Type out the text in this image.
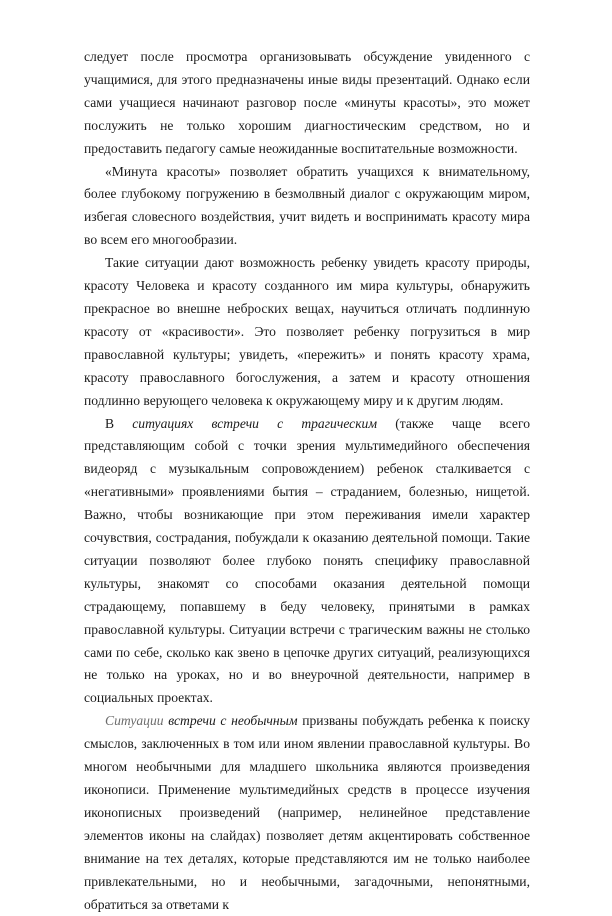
следует после просмотра организовывать обсуждение увиденного с учащимися, для этого предназначены иные виды презентаций. Однако если сами учащиеся начинают разговор после «минуты красоты», это может послужить не только хорошим диагностическим средством, но и предоставить педагогу самые неожиданные воспитательные возможности.

«Минута красоты» позволяет обратить учащихся к внимательному, более глубокому погружению в безмолвный диалог с окружающим миром, избегая словесного воздействия, учит видеть и воспринимать красоту мира во всем его многообразии.

Такие ситуации дают возможность ребенку увидеть красоту природы, красоту Человека и красоту созданного им мира культуры, обнаружить прекрасное во внешне неброских вещах, научиться отличать подлинную красоту от «красивости». Это позволяет ребенку погрузиться в мир православной культуры; увидеть, «пережить» и понять красоту храма, красоту православного богослужения, а затем и красоту отношения подлинно верующего человека к окружающему миру и к другим людям.

В ситуациях встречи с трагическим (также чаще всего представляющим собой с точки зрения мультимедийного обеспечения видеоряд с музыкальным сопровождением) ребенок сталкивается с «негативными» проявлениями бытия – страданием, болезнью, нищетой. Важно, чтобы возникающие при этом переживания имели характер сочувствия, сострадания, побуждали к оказанию деятельной помощи. Такие ситуации позволяют более глубоко понять специфику православной культуры, знакомят со способами оказания деятельной помощи страдающему, попавшему в беду человеку, принятыми в рамках православной культуры. Ситуации встречи с трагическим важны не столько сами по себе, сколько как звено в цепочке других ситуаций, реализующихся не только на уроках, но и во внеурочной деятельности, например в социальных проектах.

Ситуации встречи с необычным призваны побуждать ребенка к поиску смыслов, заключенных в том или ином явлении православной культуры. Во многом необычными для младшего школьника являются произведения иконописи. Применение мультимедийных средств в процессе изучения иконописных произведений (например, нелинейное представление элементов иконы на слайдах) позволяет детям акцентировать собственное внимание на тех деталях, которые представляются им не только наиболее привлекательными, но и необычными, загадочными, непонятными, обратиться за ответами к
